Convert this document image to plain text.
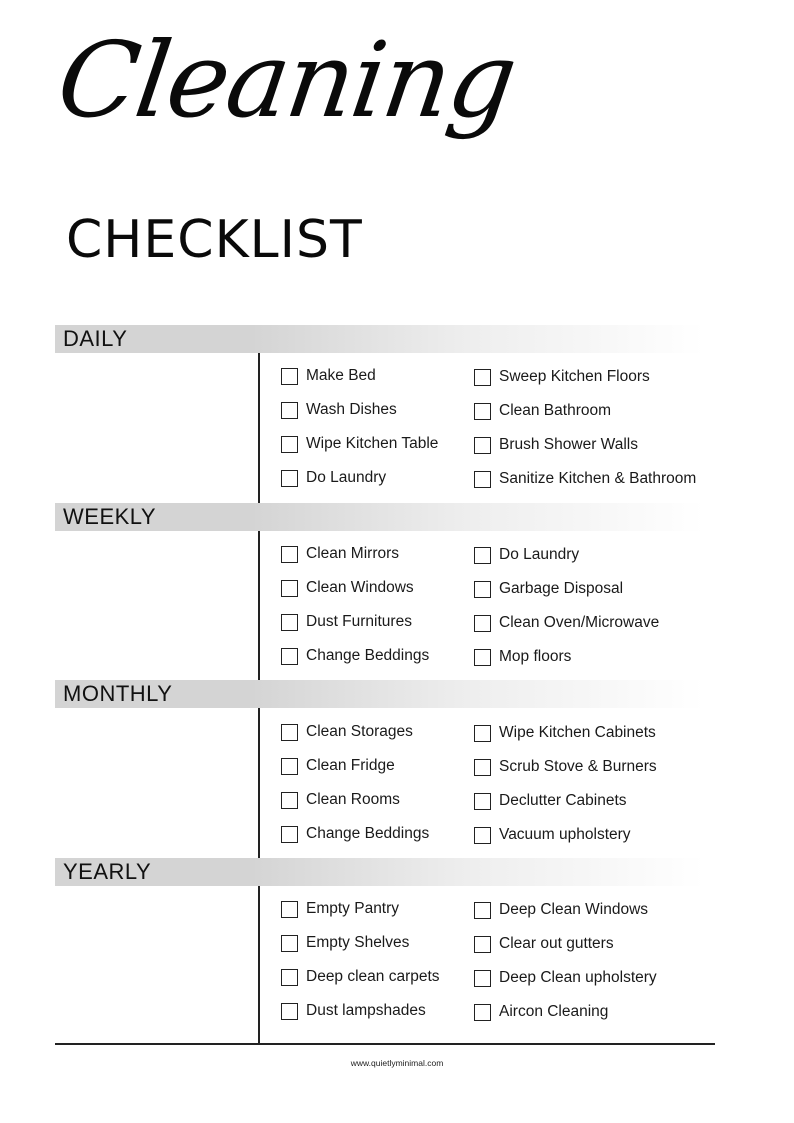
Cleaning
CHECKLIST
DAILY
Make Bed
Wash Dishes
Wipe Kitchen Table
Do Laundry
Sweep Kitchen Floors
Clean Bathroom
Brush Shower Walls
Sanitize Kitchen & Bathroom
WEEKLY
Clean Mirrors
Clean Windows
Dust Furnitures
Change Beddings
Do Laundry
Garbage Disposal
Clean Oven/Microwave
Mop floors
MONTHLY
Clean Storages
Clean Fridge
Clean Rooms
Change Beddings
Wipe Kitchen Cabinets
Scrub Stove & Burners
Declutter Cabinets
Vacuum upholstery
YEARLY
Empty Pantry
Empty Shelves
Deep clean carpets
Dust lampshades
Deep Clean Windows
Clear out gutters
Deep Clean upholstery
Aircon Cleaning
www.quietlyminimal.com
